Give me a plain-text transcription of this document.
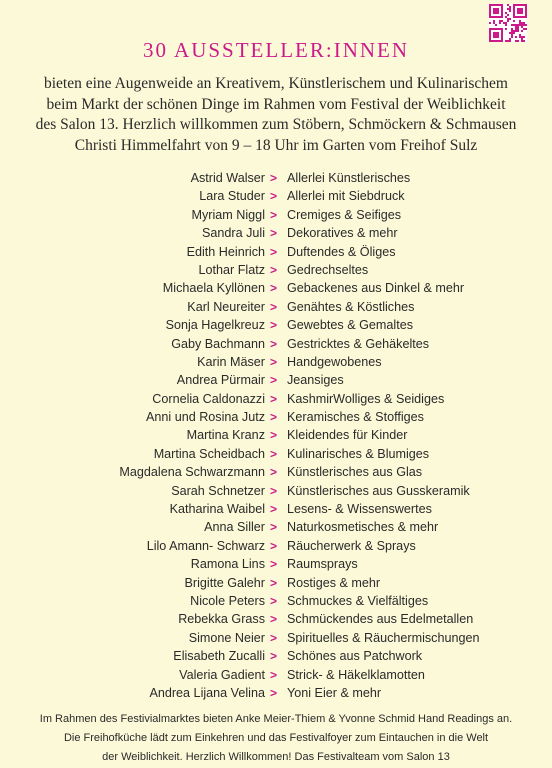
30 AUSSTELLER:INNEN
bieten eine Augenweide an Kreativem, Künstlerischem und Kulinarischem
beim Markt der schönen Dinge im Rahmen vom Festival der Weiblichkeit
des Salon 13. Herzlich willkommen zum Stöbern, Schmöckern & Schmausen
Christi Himmelfahrt von 9 – 18 Uhr im Garten vom Freihof Sulz
Astrid Walser > Allerlei Künstlerisches
Lara Studer > Allerlei mit Siebdruck
Myriam Niggl > Cremiges & Seifiges
Sandra Juli > Dekoratives & mehr
Edith Heinrich > Duftendes & Öliges
Lothar Flatz > Gedrechseltes
Michaela Kyllönen > Gebackenes aus Dinkel & mehr
Karl Neureiter > Genähtes & Köstliches
Sonja Hagelkreuz > Gewebtes & Gemaltes
Gaby Bachmann > Gestricktes & Gehäkeltes
Karin Mäser > Handgewobenes
Andrea Pürmair > Jeansiges
Cornelia Caldonazzi > KashmirWolliges & Seidiges
Anni und Rosina Jutz > Keramisches & Stoffiges
Martina Kranz > Kleidendes für Kinder
Martina Scheidbach > Kulinarisches & Blumiges
Magdalena Schwarzmann > Künstlerisches aus Glas
Sarah Schnetzer > Künstlerisches aus Gusskeramik
Katharina Waibel > Lesens- & Wissenswertes
Anna Siller > Naturkosmetisches & mehr
Lilo Amann- Schwarz > Räucherwerk & Sprays
Ramona Lins > Raumsprays
Brigitte Galehr > Rostiges & mehr
Nicole Peters > Schmuckes & Vielfältiges
Rebekka Grass > Schmückendes aus Edelmetallen
Simone Neier > Spirituelles & Räuchermischungen
Elisabeth Zucalli > Schönes aus Patchwork
Valeria Gadient > Strick- & Häkelklamotten
Andrea Lijana Velina > Yoni Eier & mehr
Im Rahmen des Festivialmarktes bieten Anke Meier-Thiem & Yvonne Schmid Hand Readings an.
Die Freihofküche lädt zum Einkehren und das Festivalfoyer zum Eintauchen in die Welt
der Weiblichkeit. Herzlich Willkommen! Das Festivalteam vom Salon 13
